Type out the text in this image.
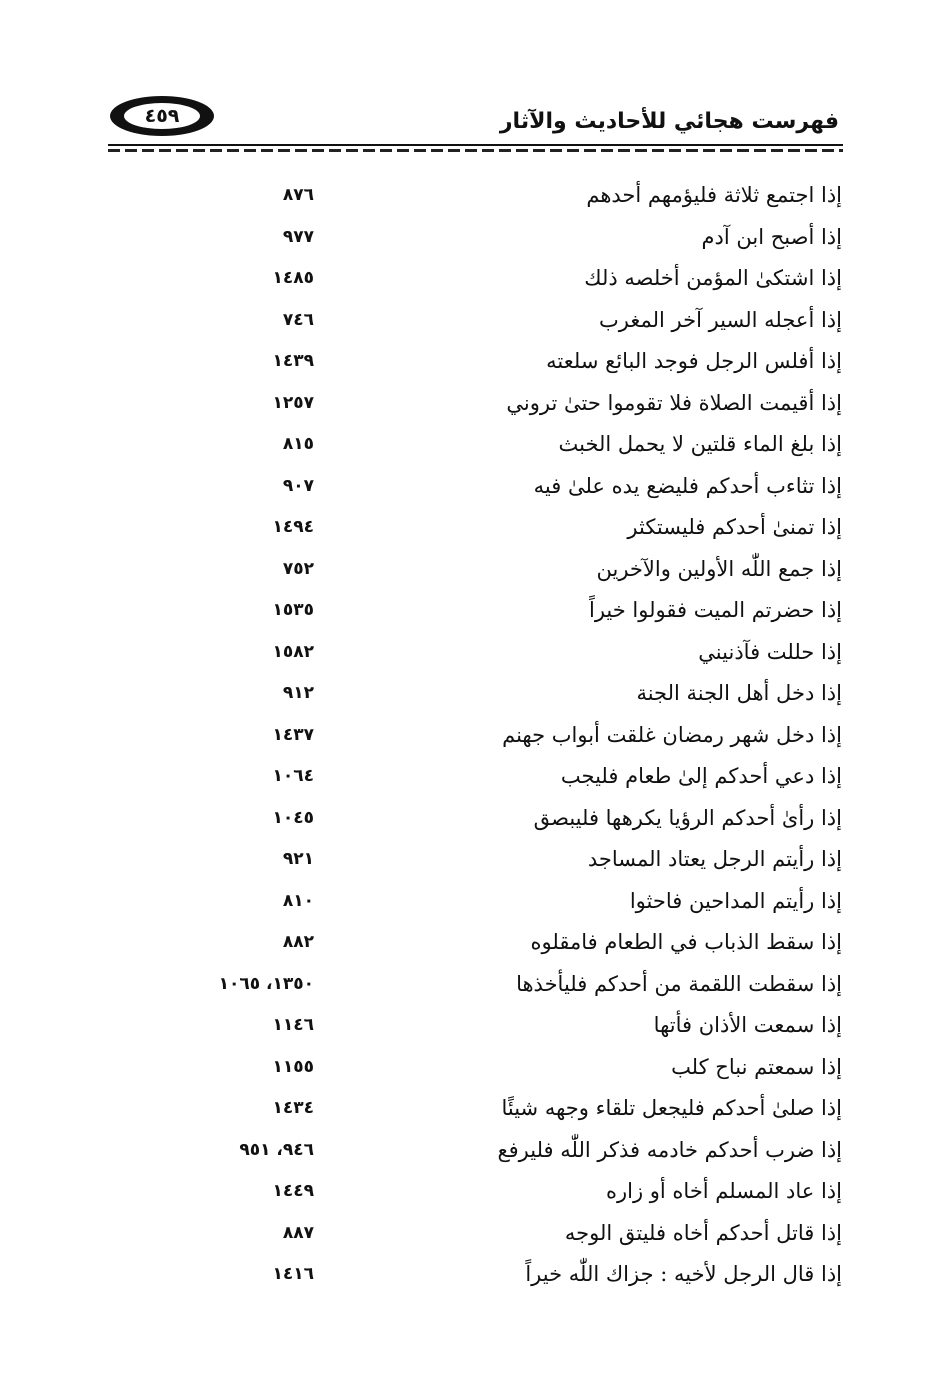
٤٥٩	فهرست هجائي للأحاديث والآثار
إذا اجتمع ثلاثة فليؤمهم أحدهم
٨٧٦
إذا أصبح ابن آدم
٩٧٧
إذا اشتكىٰ المؤمن أخلصه ذلك
١٤٨٥
إذا أعجله السير آخر المغرب
٧٤٦
إذا أفلس الرجل فوجد البائع سلعته
١٤٣٩
إذا أقيمت الصلاة فلا تقوموا حتىٰ تروني
١٢٥٧
إذا بلغ الماء قلتين لا يحمل الخبث
٨١٥
إذا تثاءب أحدكم فليضع يده علىٰ فيه
٩٠٧
إذا تمنىٰ أحدكم فليستكثر
١٤٩٤
إذا جمع اللّٰه الأولين والآخرين
٧٥٢
إذا حضرتم الميت فقولوا خيراً
١٥٣٥
إذا حللت فآذنيني
١٥٨٢
إذا دخل أهل الجنة الجنة
٩١٢
إذا دخل شهر رمضان غلقت أبواب جهنم
١٤٣٧
إذا دعي أحدكم إلىٰ طعام فليجب
١٠٦٤
إذا رأىٰ أحدكم الرؤيا يكرهها فليبصق
١٠٤٥
إذا رأيتم الرجل يعتاد المساجد
٩٢١
إذا رأيتم المداحين فاحثوا
٨١٠
إذا سقط الذباب في الطعام فامقلوه
٨٨٢
إذا سقطت اللقمة من أحدكم فليأخذها
١٣٥٠، ١٠٦٥
إذا سمعت الأذان فأتها
١١٤٦
إذا سمعتم نباح كلب
١١٥٥
إذا صلىٰ أحدكم فليجعل تلقاء وجهه شيئًا
١٤٣٤
إذا ضرب أحدكم خادمه فذكر اللّٰه فليرفع
٩٤٦، ٩٥١
إذا عاد المسلم أخاه أو زاره
١٤٤٩
إذا قاتل أحدكم أخاه فليتق الوجه
٨٨٧
إذا قال الرجل لأخيه : جزاك اللّٰه خيراً
١٤١٦
